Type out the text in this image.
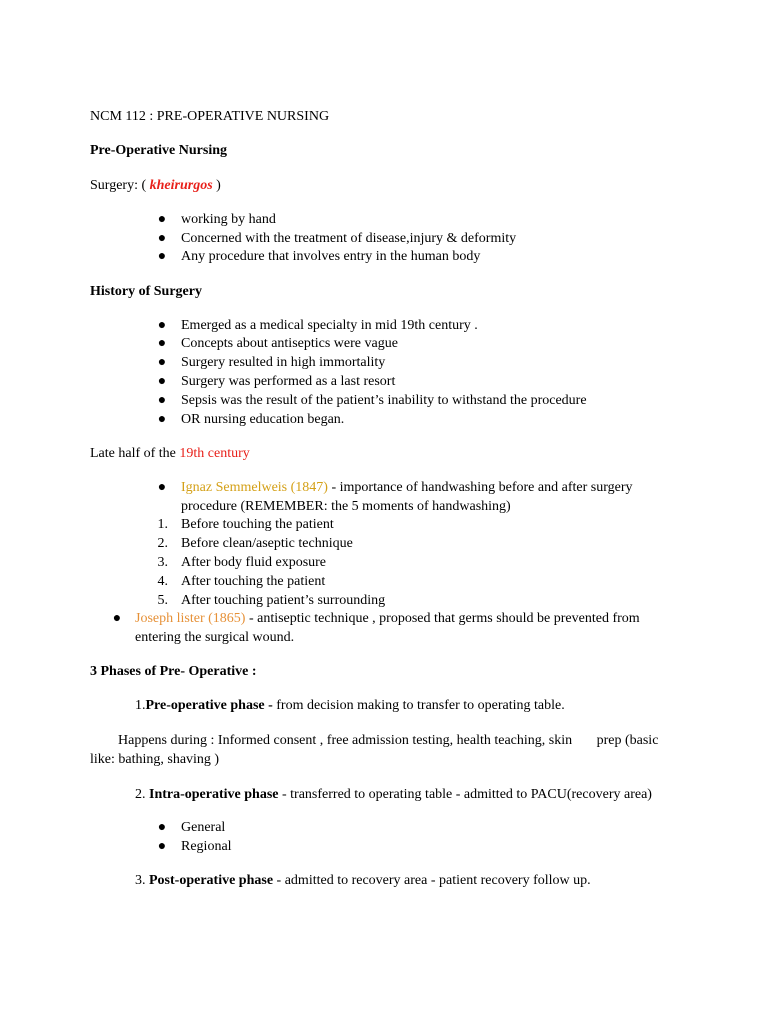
NCM 112 : PRE-OPERATIVE NURSING
Pre-Operative Nursing
Surgery: ( kheirurgos )
● working by hand
● Concerned with the treatment of disease,injury & deformity
● Any procedure that involves entry in the human body
History of Surgery
● Emerged as a medical specialty in mid 19th century .
● Concepts about antiseptics were vague
● Surgery resulted in high immortality
● Surgery was performed as a last resort
● Sepsis was the result of the patient’s inability to withstand the procedure
● OR nursing education began.
Late half of the 19th century
● Ignaz Semmelweis (1847) - importance of handwashing before and after surgery
procedure (REMEMBER: the 5 moments of handwashing)
1. Before touching the patient
2. Before clean/aseptic technique
3. After body fluid exposure
4. After touching the patient
5. After touching patient’s surrounding
● Joseph lister (1865) - antiseptic technique , proposed that germs should be prevented from
entering the surgical wound.
3 Phases of Pre- Operative :
1.Pre-operative phase - from decision making to transfer to operating table.
Happens during : Informed consent , free admission testing, health teaching, skin       prep (basic
like: bathing, shaving )
2. Intra-operative phase - transferred to operating table - admitted to PACU(recovery area)
● General
● Regional
3. Post-operative phase - admitted to recovery area - patient recovery follow up.
